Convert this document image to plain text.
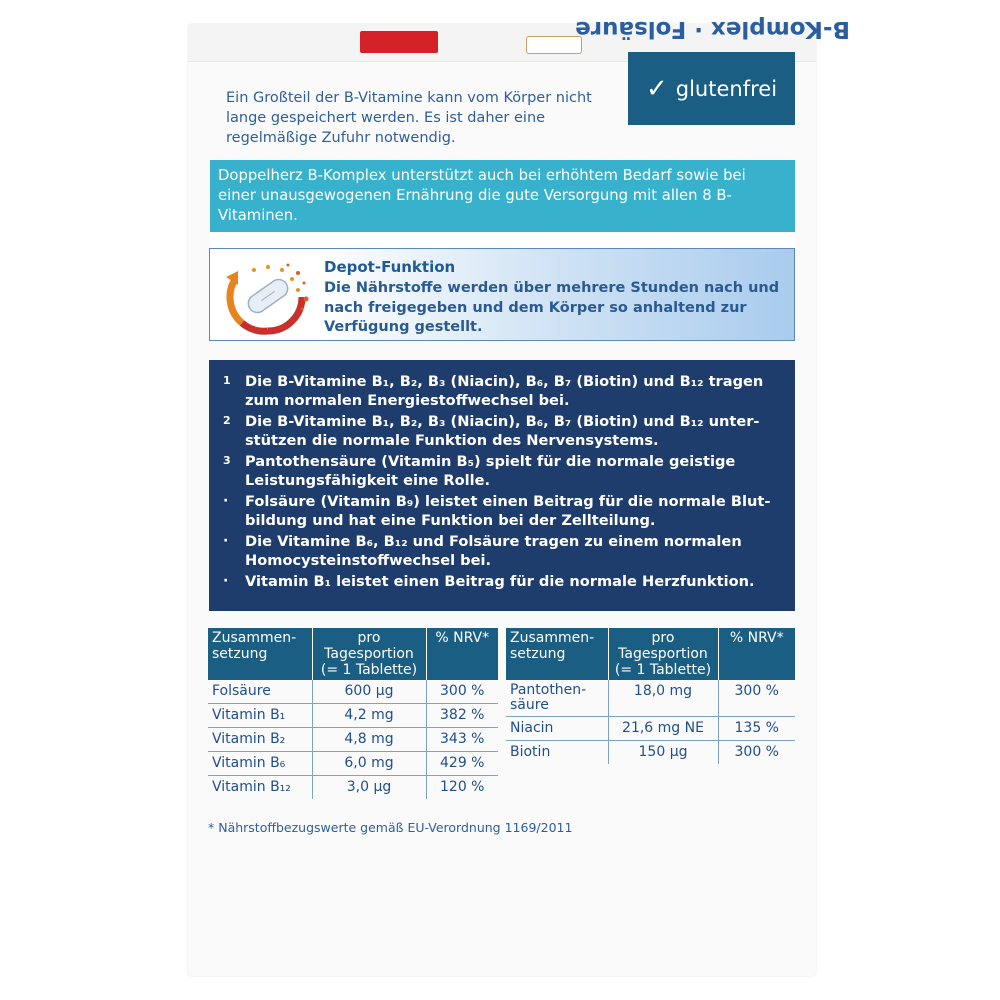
B-Komplex · Folsäure

Ein Großteil der B-Vitamine kann vom Körper nicht lange gespeichert werden. Es ist daher eine regelmäßige Zufuhr notwendig.

✓ glutenfrei
Doppelherz B-Komplex unterstützt auch bei erhöhtem Bedarf sowie bei einer unausgewogenen Ernährung die gute Versorgung mit allen 8 B-Vitaminen.
Depot-Funktion
Die Nährstoffe werden über mehrere Stunden nach und nach freigegeben und dem Körper so anhaltend zur Verfügung gestellt.
1 Die B-Vitamine B₁, B₂, B₃ (Niacin), B₆, B₇ (Biotin) und B₁₂ tragen zum normalen Energiestoffwechsel bei.
2 Die B-Vitamine B₁, B₂, B₃ (Niacin), B₆, B₇ (Biotin) und B₁₂ unter- stützen die normale Funktion des Nervensystems.
3 Pantothensäure (Vitamin B₅) spielt für die normale geistige Leistungsfähigkeit eine Rolle.
·	Folsäure (Vitamin B₉) leistet einen Beitrag für die normale Blut- bildung und hat eine Funktion bei der Zellteilung.
·	Die Vitamine B₆, B₁₂ und Folsäure tragen zu einem normalen Homocysteinstoffwechsel bei.
·	Vitamin B₁ leistet einen Beitrag für die normale Herzfunktion.
Zusammen- setzung	pro Tagesportion (= 1 Tablette)	% NRV*
Folsäure	600 µg	300 %
Vitamin B₁	4,2 mg	382 %
Vitamin B₂	4,8 mg	343 %
Vitamin B₆	6,0 mg	429 %
Vitamin B₁₂	3,0 µg	120 %
Zusammen- setzung	pro Tagesportion (= 1 Tablette)	% NRV*
Pantothen- säure	18,0 mg	300 %
Niacin	21,6 mg NE	135 %
Biotin	150 µg	300 %
* Nährstoffbezugswerte gemäß EU-Verordnung 1169/2011
